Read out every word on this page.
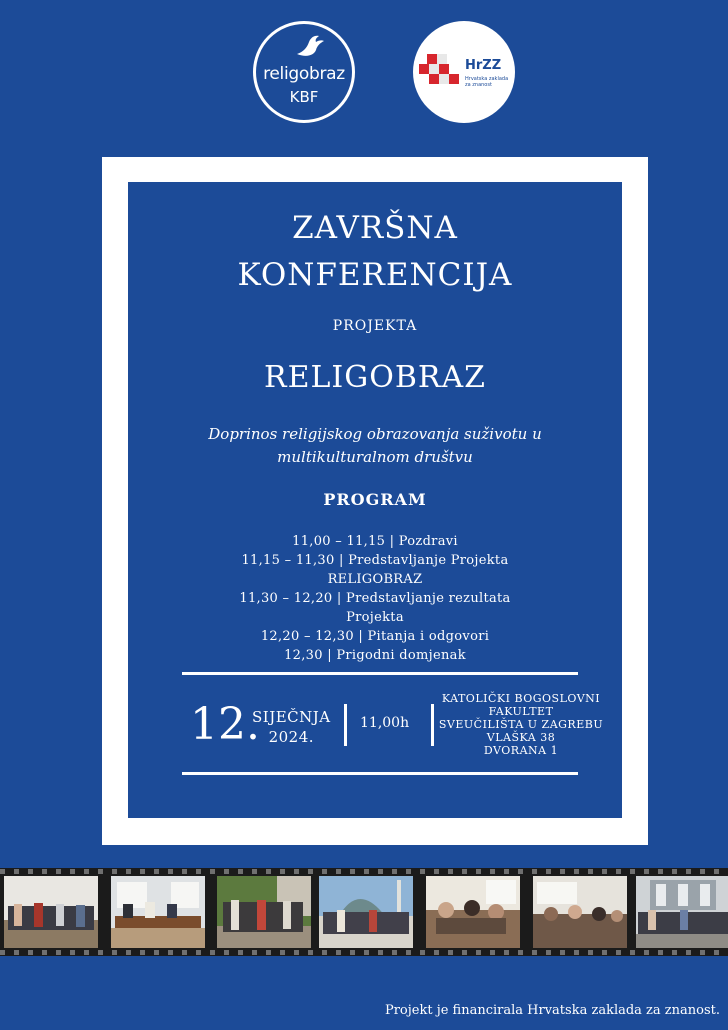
religobraz
KBF
HrZZ
Hrvatska zaklada za znanost
ZAVRŠNA
KONFERENCIJA
PROJEKTA
RELIGOBRAZ
Doprinos religijskog obrazovanja suživotu u
multikulturalnom društvu
PROGRAM
11,00 – 11,15 | Pozdravi
11,15 – 11,30 | Predstavljanje Projekta
RELIGOBRAZ
11,30 – 12,20 | Predstavljanje rezultata
Projekta
12,20 – 12,30 | Pitanja i odgovori
12,30 | Prigodni domjenak
12.
SIJEČNJA
2024.
11,00h
KATOLIČKI BOGOSLOVNI
FAKULTET
SVEUČILIŠTA U ZAGREBU
VLAŠKA 38
DVORANA 1
Projekt je financirala Hrvatska zaklada za znanost.
